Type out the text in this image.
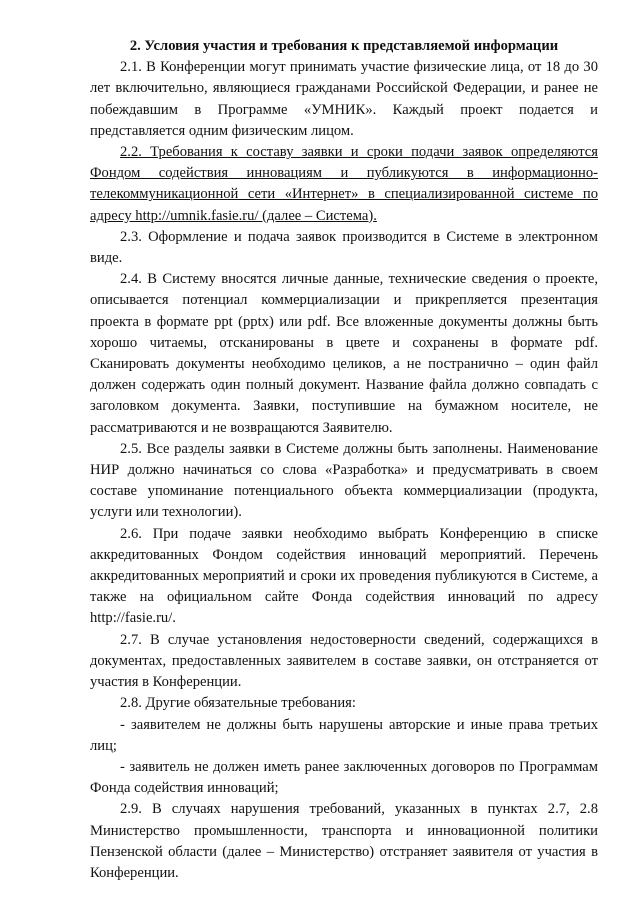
2. Условия участия и требования к представляемой информации

2.1. В Конференции могут принимать участие физические лица, от 18 до 30 лет включительно, являющиеся гражданами Российской Федерации, и ранее не побеждавшим в Программе «УМНИК». Каждый проект подается и представляется одним физическим лицом.

2.2. Требования к составу заявки и сроки подачи заявок определяются Фондом содействия инновациям и публикуются в информационно-телекоммуникационной сети «Интернет» в специализированной системе по адресу http://umnik.fasie.ru/ (далее – Система).

2.3. Оформление и подача заявок производится в Системе в электронном виде.

2.4. В Систему вносятся личные данные, технические сведения о проекте, описывается потенциал коммерциализации и прикрепляется презентация проекта в формате ppt (pptx) или pdf. Все вложенные документы должны быть хорошо читаемы, отсканированы в цвете и сохранены в формате pdf. Сканировать документы необходимо целиков, а не постранично – один файл должен содержать один полный документ. Название файла должно совпадать с заголовком документа. Заявки, поступившие на бумажном носителе, не рассматриваются и не возвращаются Заявителю.

2.5. Все разделы заявки в Системе должны быть заполнены. Наименование НИР должно начинаться со слова «Разработка» и предусматривать в своем составе упоминание потенциального объекта коммерциализации (продукта, услуги или технологии).

2.6. При подаче заявки необходимо выбрать Конференцию в списке аккредитованных Фондом содействия инноваций мероприятий. Перечень аккредитованных мероприятий и сроки их проведения публикуются в Системе, а также на официальном сайте Фонда содействия инноваций по адресу http://fasie.ru/.

2.7. В случае установления недостоверности сведений, содержащихся в документах, предоставленных заявителем в составе заявки, он отстраняется от участия в Конференции.

2.8. Другие обязательные требования:

- заявителем не должны быть нарушены авторские и иные права третьих лиц;

- заявитель не должен иметь ранее заключенных договоров по Программам Фонда содействия инноваций;

2.9. В случаях нарушения требований, указанных в пунктах 2.7, 2.8 Министерство промышленности, транспорта и инновационной политики Пензенской области (далее – Министерство) отстраняет заявителя от участия в Конференции.
